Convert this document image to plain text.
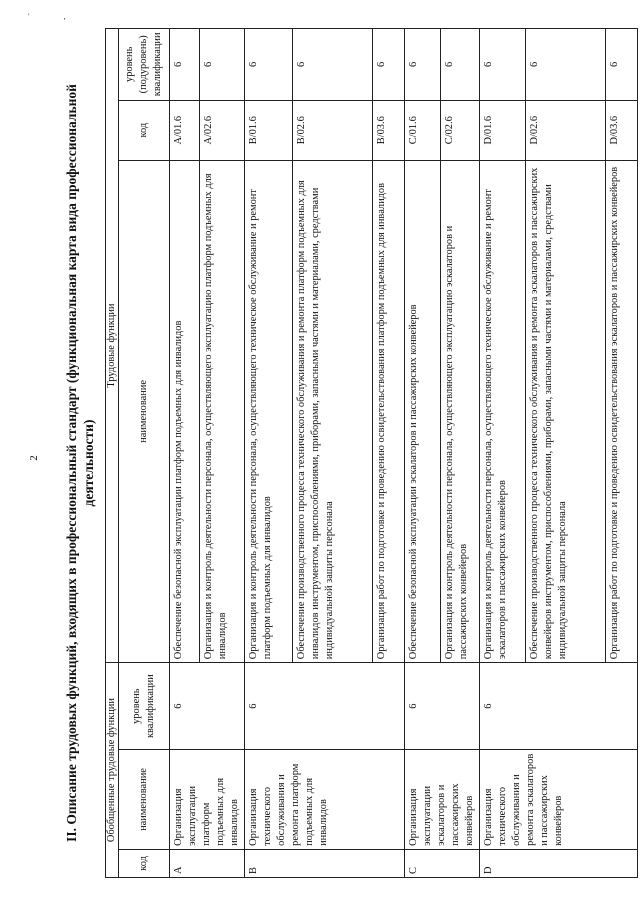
' ,
2 II. Описание трудовых функций, входящих в профессиональный стандарт (функциональная карта вида профессиональной деятельности)
Обобщенные трудовые функции			Трудовые функции		
код	наименование	уровень квалификации	наименование	код	уровень (подуровень) квалификации
A	Организация эксплуатации платформ подъемных для инвалидов	6	Обеспечение безопасной эксплуатации платформ подъемных для инвалидов	A/01.6	6
			Организация и контроль деятельности персонала, осуществляющего эксплуатацию платформ подъемных для инвалидов	A/02.6	6
B	Организация технического обслуживания и ремонта платформ подъемных для инвалидов	6	Организация и контроль деятельности персонала, осуществляющего техническое обслуживание и ремонт платформ подъемных для инвалидов	B/01.6	6
			Обеспечение производственного процесса технического обслуживания и ремонта платформ подъемных для инвалидов инструментом, приспособлениями, приборами, запасными частями и материалами, средствами индивидуальной защиты персонала	B/02.6	6
			Организация работ по подготовке и проведению освидетельствования платформ подъемных для инвалидов	B/03.6	6
C	Организация эксплуатации эскалаторов и пассажирских конвейеров	6	Обеспечение безопасной эксплуатации эскалаторов и пассажирских конвейеров	C/01.6	6
			Организация и контроль деятельности персонала, осуществляющего эксплуатацию эскалаторов и пассажирских конвейеров	C/02.6	6
D	Организация технического обслуживания и ремонта эскалаторов и пассажирских конвейеров	6	Организация и контроль деятельности персонала, осуществляющего техническое обслуживание и ремонт эскалаторов и пассажирских конвейеров	D/01.6	6
			Обеспечение производственного процесса технического обслуживания и ремонта эскалаторов и пассажирских конвейеров инструментом, приспособлениями, приборами, запасными частями и материалами, средствами индивидуальной защиты персонала	D/02.6	6
			Организация работ по подготовке и проведению освидетельствования эскалаторов и пассажирских конвейеров	D/03.6	6
